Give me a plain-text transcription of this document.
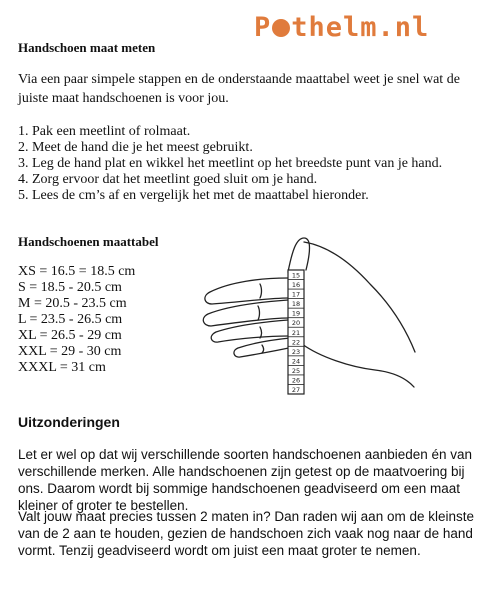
P thelm.nl
Handschoen maat meten
Via een paar simpele stappen en de onderstaande maattabel weet je snel wat de juiste maat handschoenen is voor jou.
1. Pak een meetlint of rolmaat.
2. Meet de hand die je het meest gebruikt.
3. Leg de hand plat en wikkel het meetlint op het breedste punt van je hand.
4. Zorg ervoor dat het meetlint goed sluit om je hand.
5. Lees de cm’s af en vergelijk het met de maattabel hieronder.
Handschoenen maattabel
XS = 16.5 = 18.5 cm
S = 18.5 - 20.5 cm
M = 20.5 - 23.5 cm
L = 23.5 - 26.5 cm
XL = 26.5 - 29 cm
XXL = 29 - 30 cm
XXXL = 31 cm
15
16
17
18
19
20
21
22
23
24
25
26
27
Uitzonderingen
Let er wel op dat wij verschillende soorten handschoenen aanbieden én van verschillende merken. Alle handschoenen zijn getest op de maatvoering bij ons. Daarom wordt bij sommige handschoenen geadviseerd om een maat kleiner of groter te bestellen.
Valt jouw maat precies tussen 2 maten in? Dan raden wij aan om de kleinste van de 2 aan te houden, gezien de handschoen zich vaak nog naar de hand vormt. Tenzij geadviseerd wordt om juist een maat groter te nemen.
